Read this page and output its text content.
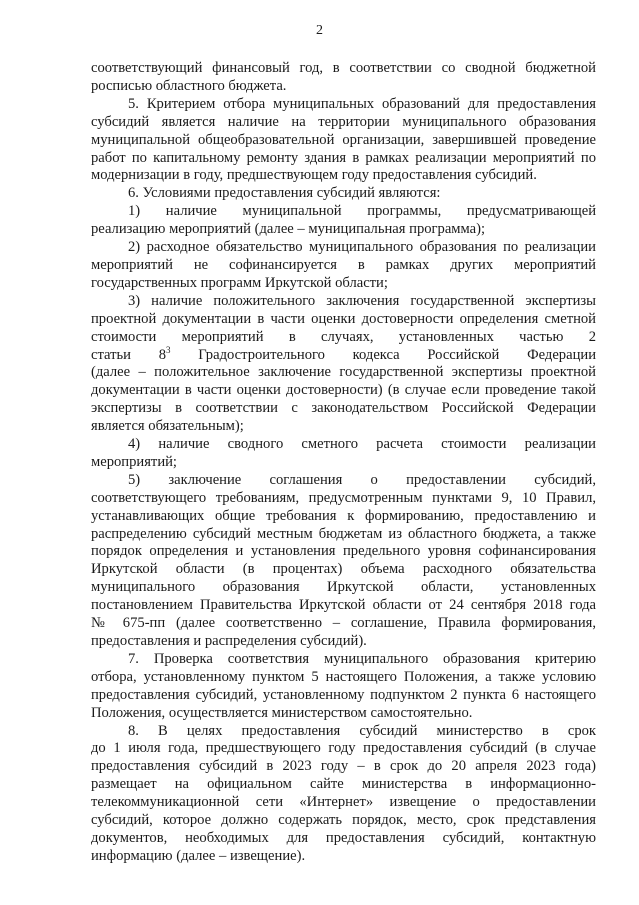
2

соответствующий финансовый год, в соответствии со сводной бюджетной

росписью областного бюджета.

5. Критерием отбора муниципальных образований для предоставления

субсидий является наличие на территории муниципального образования

муниципальной общеобразовательной организации, завершившей проведение

работ по капитальному ремонту здания в рамках реализации мероприятий по

модернизации в году, предшествующем году предоставления субсидий.

6. Условиями предоставления субсидий являются:

1) наличие муниципальной программы, предусматривающей

реализацию мероприятий (далее – муниципальная программа);

2) расходное обязательство муниципального образования по реализации

мероприятий не софинансируется в рамках других мероприятий

государственных программ Иркутской области;

3) наличие положительного заключения государственной экспертизы

проектной документации в части оценки достоверности определения сметной

стоимости мероприятий в случаях, установленных частью 2

статьи $8^3$ Градостроительного кодекса Российской Федерации

(далее – положительное заключение государственной экспертизы проектной

документации в части оценки достоверности) (в случае если проведение такой

экспертизы в соответствии с законодательством Российской Федерации

является обязательным);

4) наличие сводного сметного расчета стоимости реализации

мероприятий;

5) заключение соглашения о предоставлении субсидий,

соответствующего требованиям, предусмотренным пунктами 9, 10 Правил,

устанавливающих общие требования к формированию, предоставлению и

распределению субсидий местным бюджетам из областного бюджета, а также

порядок определения и установления предельного уровня софинансирования

Иркутской области (в процентах) объема расходного обязательства

муниципального образования Иркутской области, установленных

постановлением Правительства Иркутской области от 24 сентября 2018 года

№ 675-пп (далее соответственно – соглашение, Правила формирования,

предоставления и распределения субсидий).

7. Проверка соответствия муниципального образования критерию

отбора, установленному пунктом 5 настоящего Положения, а также условию

предоставления субсидий, установленному подпунктом 2 пункта 6 настоящего

Положения, осуществляется министерством самостоятельно.

8. В целях предоставления субсидий министерство в срок

до 1 июля года, предшествующего году предоставления субсидий (в случае

предоставления субсидий в 2023 году – в срок до 20 апреля 2023 года)

размещает на официальном сайте министерства в информационно-

телекоммуникационной сети «Интернет» извещение о предоставлении

субсидий, которое должно содержать порядок, место, срок представления

документов, необходимых для предоставления субсидий, контактную

информацию (далее – извещение).
